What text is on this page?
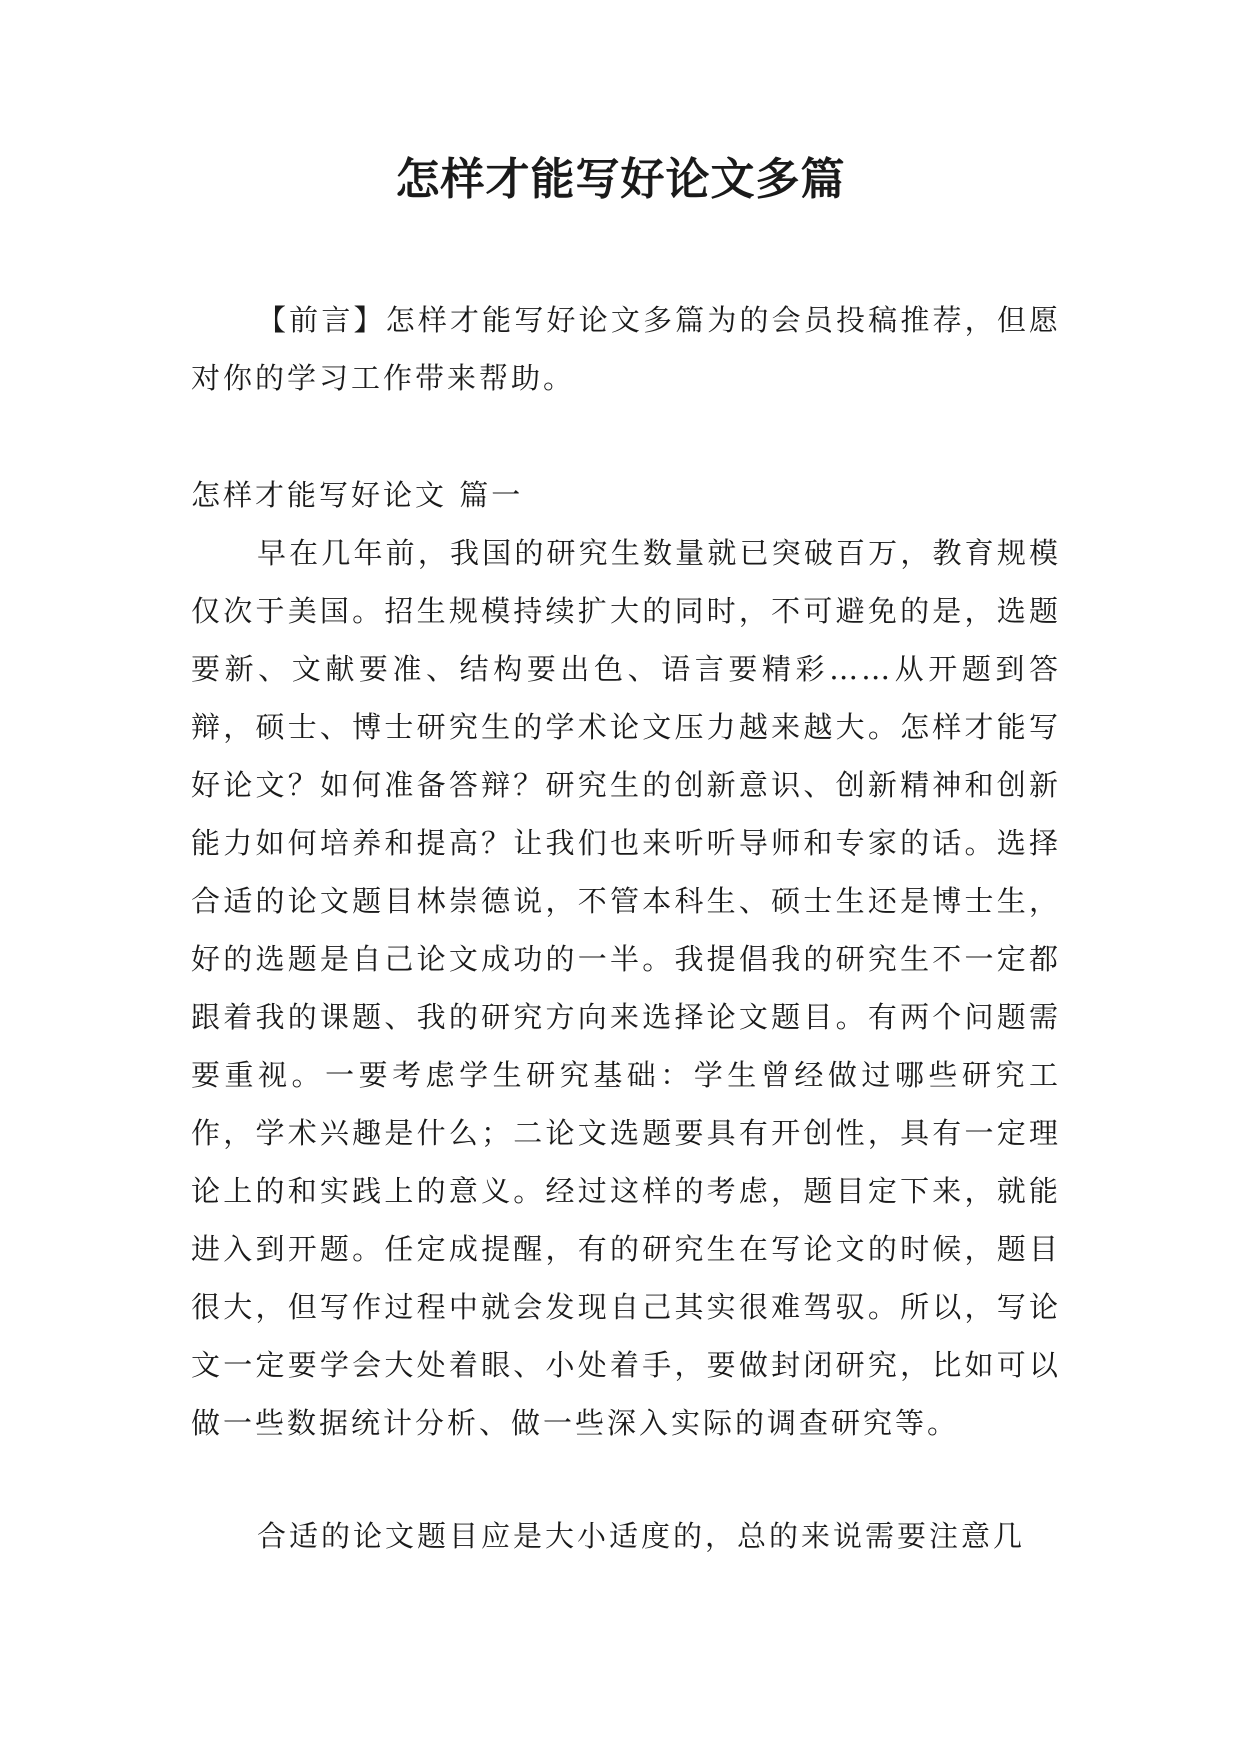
怎样才能写好论文多篇

【前言】怎样才能写好论文多篇为的会员投稿推荐，但愿对你的学习工作带来帮助。

怎样才能写好论文 篇一

早在几年前，我国的研究生数量就已突破百万，教育规模仅次于美国。招生规模持续扩大的同时，不可避免的是，选题要新、文献要准、结构要出色、语言要精彩……从开题到答辩，硕士、博士研究生的学术论文压力越来越大。怎样才能写好论文？如何准备答辩？研究生的创新意识、创新精神和创新能力如何培养和提高？让我们也来听听导师和专家的话。选择合适的论文题目林崇德说，不管本科生、硕士生还是博士生，好的选题是自己论文成功的一半。我提倡我的研究生不一定都跟着我的课题、我的研究方向来选择论文题目。有两个问题需要重视。一要考虑学生研究基础：学生曾经做过哪些研究工作，学术兴趣是什么；二论文选题要具有开创性，具有一定理论上的和实践上的意义。经过这样的考虑，题目定下来，就能进入到开题。任定成提醒，有的研究生在写论文的时候，题目很大，但写作过程中就会发现自己其实很难驾驭。所以，写论文一定要学会大处着眼、小处着手，要做封闭研究，比如可以做一些数据统计分析、做一些深入实际的调查研究等。

合适的论文题目应是大小适度的，总的来说需要注意几
